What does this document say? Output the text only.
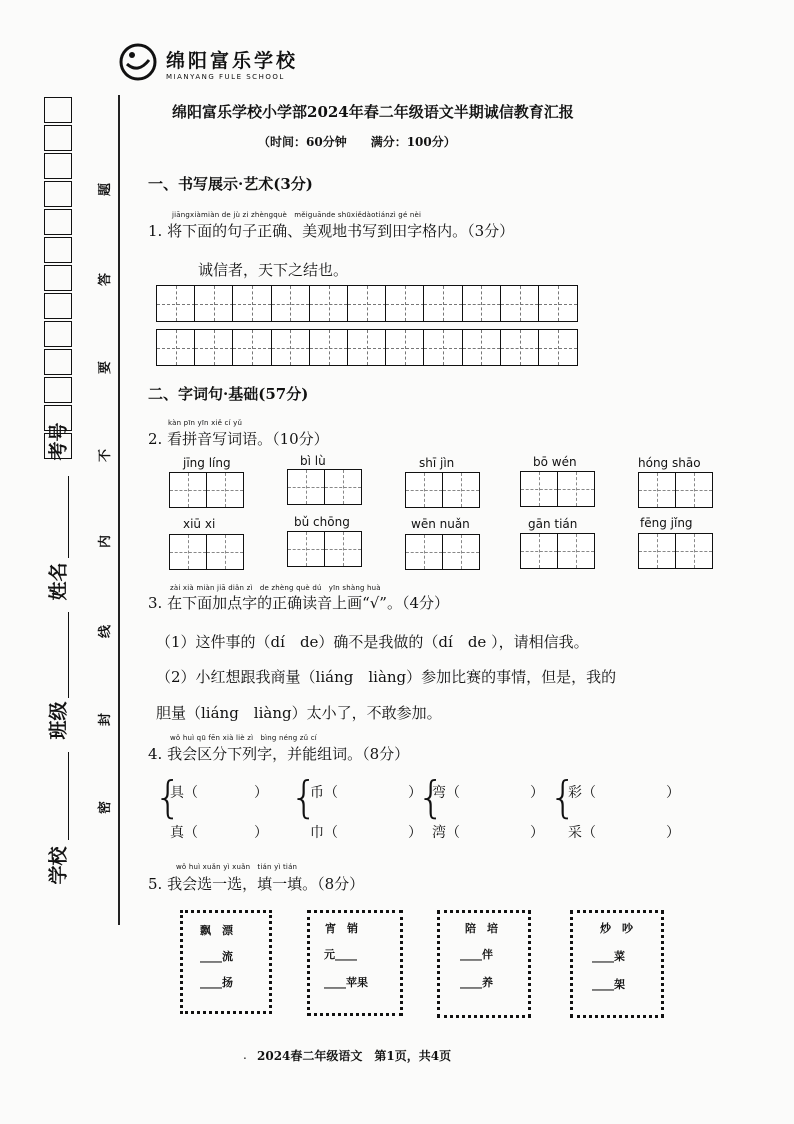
绵阳富乐学校
MIANYANG FULE SCHOOL
考号
姓名
班级
学校
题
答
要
不
内
线
封
密
绵阳富乐学校小学部2024年春二年级语文半期诚信教育汇报
（时间：60分钟　　满分：100分）
一、书写展示·艺术(3分)
jiāngxiàmiàn de jù zi zhèngquè　měiguānde shūxiědàotiánzì gé nèi
1. 将下面的句子正确、美观地书写到田字格内。（3分）
诚信者，天下之结也。
二、字词句·基础(57分)
kàn pīn yīn xiě cí yǔ
2. 看拼音写词语。（10分）
jīng líng	bì lù	shī jìn	bō wén	hóng shāo
xiū xi	bǔ chōng	wēn nuǎn	gān tián	fēng jǐng
zài xià miàn jiā diǎn zì　de zhèng què dú　yīn shàng huà
3. 在下面加点字的正确读音上画“√”。（4分）
（1）这件事的（dí　de）确不是我做的（dí　de ），请相信我。
（2）小红想跟我商量（liáng　liàng）参加比赛的事情，但是，我的
胆量（liáng　liàng）太小了，不敢参加。
wǒ huì qū fēn xià liè zì　bìng néng zǔ cí
4. 我会区分下列字，并能组词。（8分）
{
具（　　　　）
真（　　　　）
{
币（　　　　　）
巾（　　　　　）
{
弯（　　　　　）
湾（　　　　　）
{
彩（　　　　　）
采（　　　　　）
wǒ huì xuǎn yì xuǎn　tián yì tián
5. 我会选一选，填一填。（8分）
飘　漂
____流
____扬
宵　销
元____
____苹果
陪　培
____伴
____养
炒　吵
____菜
____架
. 2024春二年级语文　第1页，共4页
